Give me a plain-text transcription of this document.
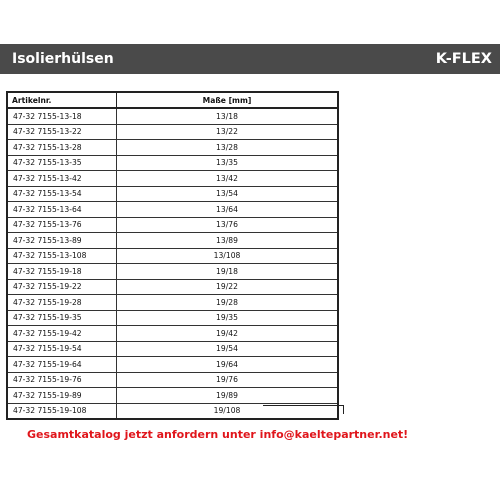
Isolierhülsen	K-FLEX
Artikelnr.	Maße [mm]
47-32 7155-13-18	13/18
47-32 7155-13-22	13/22
47-32 7155-13-28	13/28
47-32 7155-13-35	13/35
47-32 7155-13-42	13/42
47-32 7155-13-54	13/54
47-32 7155-13-64	13/64
47-32 7155-13-76	13/76
47-32 7155-13-89	13/89
47-32 7155-13-108	13/108
47-32 7155-19-18	19/18
47-32 7155-19-22	19/22
47-32 7155-19-28	19/28
47-32 7155-19-35	19/35
47-32 7155-19-42	19/42
47-32 7155-19-54	19/54
47-32 7155-19-64	19/64
47-32 7155-19-76	19/76
47-32 7155-19-89	19/89
47-32 7155-19-108	19/108
Gesamtkatalog jetzt anfordern unter info@kaeltepartner.net!
